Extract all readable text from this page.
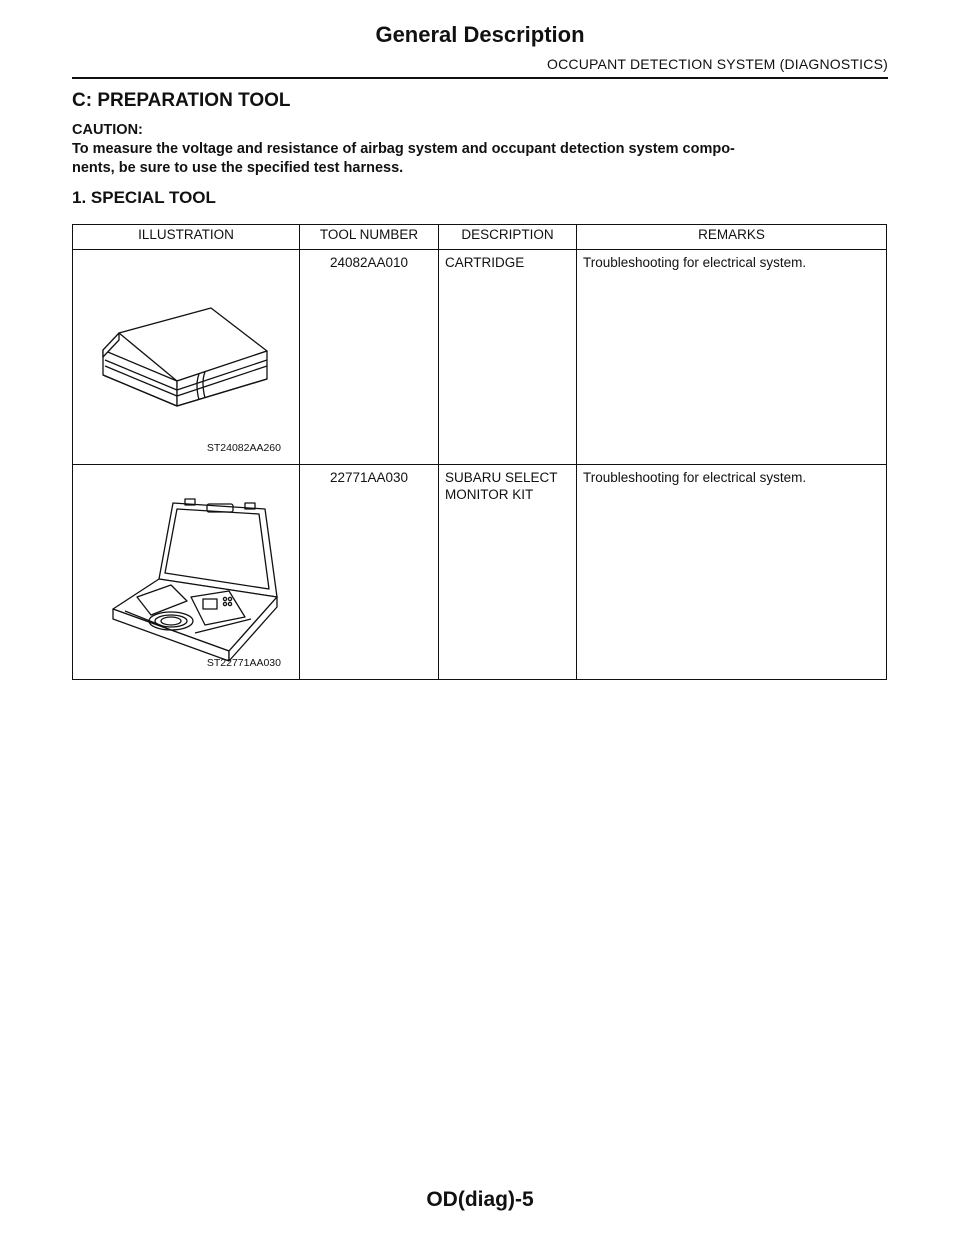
General Description
OCCUPANT DETECTION SYSTEM (DIAGNOSTICS)
C: PREPARATION TOOL
CAUTION:
To measure the voltage and resistance of airbag system and occupant detection system compo-
nents, be sure to use the specified test harness.
1. SPECIAL TOOL
ILLUSTRATION	TOOL NUMBER	DESCRIPTION	REMARKS

ST24082AA260	24082AA010	CARTRIDGE	Troubleshooting for electrical system.

ST22771AA030	22771AA030	SUBARU SELECT
MONITOR KIT	Troubleshooting for electrical system.
OD(diag)-5
